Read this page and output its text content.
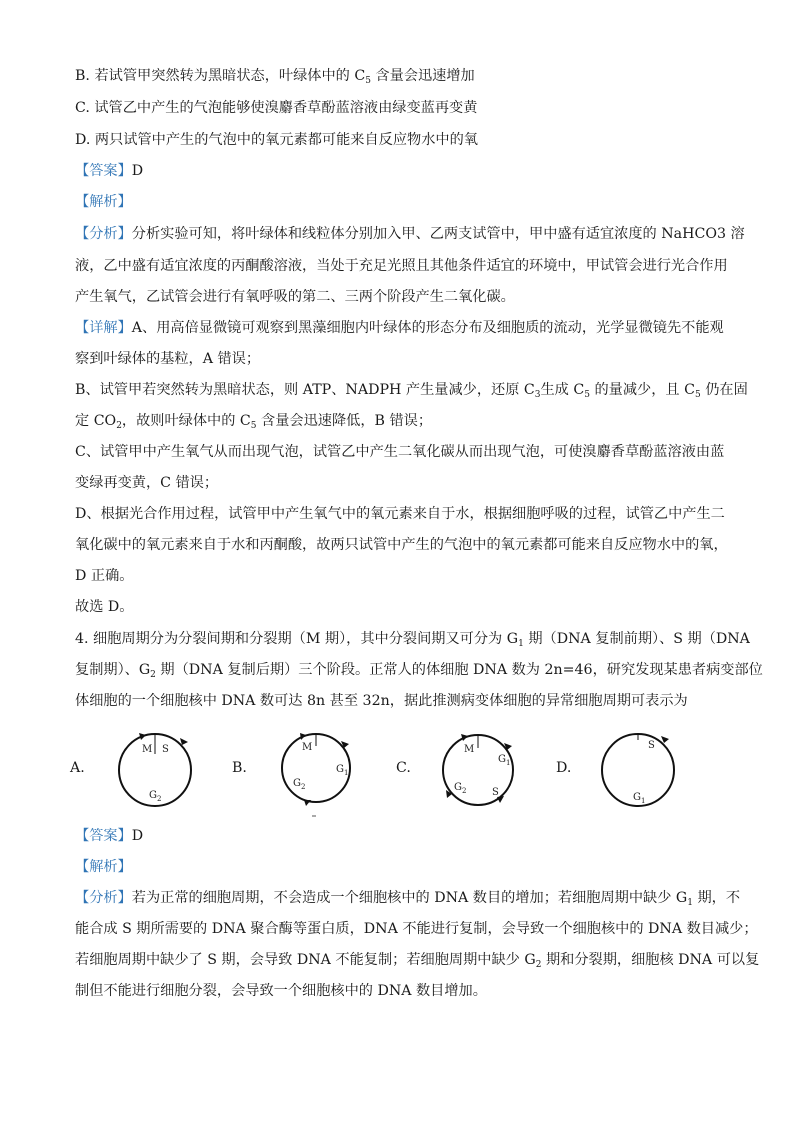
B. 若试管甲突然转为黑暗状态，叶绿体中的 $C_5$ 含量会迅速增加
C. 试管乙中产生的气泡能够使溴麝香草酚蓝溶液由绿变蓝再变黄
D. 两只试管中产生的气泡中的氧元素都可能来自反应物水中的氧
【答案】D
【解析】
【分析】分析实验可知，将叶绿体和线粒体分别加入甲、乙两支试管中，甲中盛有适宜浓度的 NaHCO3 溶
液，乙中盛有适宜浓度的丙酮酸溶液，当处于充足光照且其他条件适宜的环境中，甲试管会进行光合作用
产生氧气，乙试管会进行有氧呼吸的第二、三两个阶段产生二氧化碳。
【详解】A、用高倍显微镜可观察到黑藻细胞内叶绿体的形态分布及细胞质的流动，光学显微镜先不能观
察到叶绿体的基粒，A 错误；
B、试管甲若突然转为黑暗状态，则 ATP、NADPH 产生量减少，还原 $C_3$生成 $C_5$ 的量减少，且 $C_5$ 仍在固
定 $CO_2$，故则叶绿体中的 $C_5$ 含量会迅速降低，B 错误；
C、试管甲中产生氧气从而出现气泡，试管乙中产生二氧化碳从而出现气泡，可使溴麝香草酚蓝溶液由蓝
变绿再变黄，C 错误；
D、根据光合作用过程，试管甲中产生氧气中的氧元素来自于水，根据细胞呼吸的过程，试管乙中产生二
氧化碳中的氧元素来自于水和丙酮酸，故两只试管中产生的气泡中的氧元素都可能来自反应物水中的氧，
D 正确。
故选 D。
4. 细胞周期分为分裂间期和分裂期（M 期），其中分裂间期又可分为 $G_1$ 期（DNA 复制前期）、S 期（DNA
复制期）、$G_2$ 期（DNA 复制后期）三个阶段。正常人的体细胞 DNA 数为 2n=46，研究发现某患者病变部位
体细胞的一个细胞核中 DNA 数可达 8n 甚至 32n，据此推测病变体细胞的异常细胞周期可表示为
【答案】D
【解析】
【分析】若为正常的细胞周期，不会造成一个细胞核中的 DNA 数目的增加；若细胞周期中缺少 $G_1$ 期，不
能合成 S 期所需要的 DNA 聚合酶等蛋白质，DNA 不能进行复制，会导致一个细胞核中的 DNA 数目减少；
若细胞周期中缺少了 S 期，会导致 DNA 不能复制；若细胞周期中缺少 $G_2$ 期和分裂期，细胞核 DNA 可以复
制但不能进行细胞分裂，会导致一个细胞核中的 DNA 数目增加。
A.
M S
$G_2$
B.
M
$G_2$
$G_1$	C.
M
$G_2$	S
$G_1$	D.
S
$G_1$
